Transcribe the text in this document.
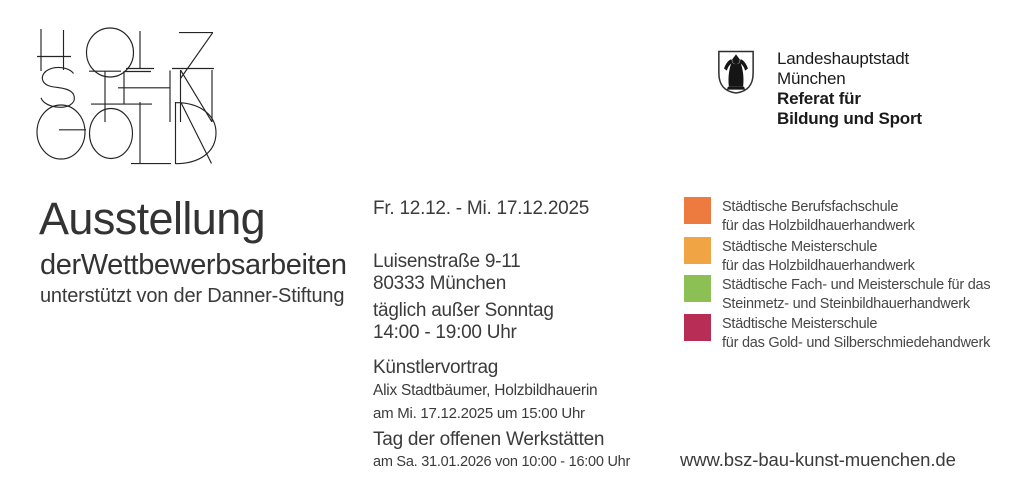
Landeshauptstadt
München
Referat für
Bildung und Sport
Ausstellung
derWettbewerbsarbeiten
unterstützt von der Danner-Stiftung
Fr. 12.12. - Mi. 17.12.2025
Luisenstraße 9-11
80333 München
täglich außer Sonntag
14:00 - 19:00 Uhr
Künstlervortrag
Alix Stadtbäumer, Holzbildhauerin
am Mi. 17.12.2025 um 15:00 Uhr
Tag der offenen Werkstätten
am Sa. 31.01.2026 von 10:00 - 16:00 Uhr
Städtische Berufsfachschule
für das Holzbildhauerhandwerk
Städtische Meisterschule
für das Holzbildhauerhandwerk
Städtische Fach- und Meisterschule für das
Steinmetz- und Steinbildhauerhandwerk
Städtische Meisterschule
für das Gold- und Silberschmiedehandwerk
www.bsz-bau-kunst-muenchen.de
